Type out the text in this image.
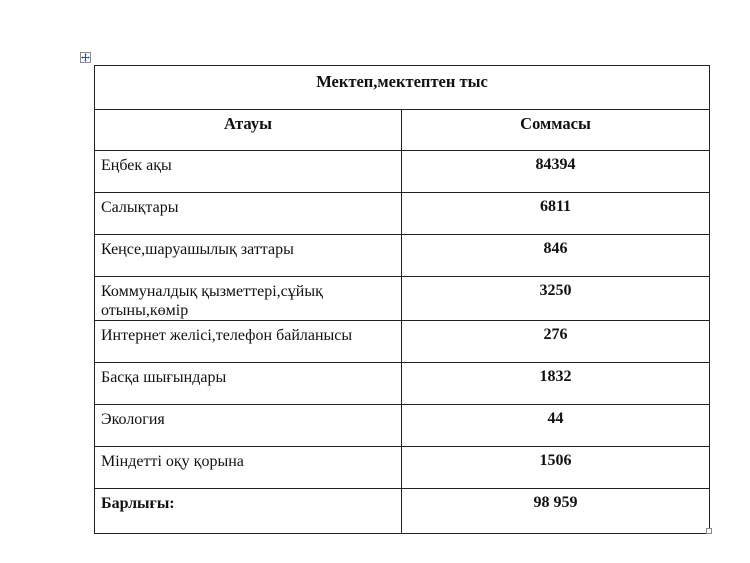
Мектеп,мектептен тыс	

Атауы	Соммасы

Еңбек ақы	84394

Салықтары	6811

Кеңсе,шаруашылық заттары	846

Коммуналдық қызметтері,сұйық отыны,көмір	3250

Интернет желісі,телефон байланысы	276

Басқа шығындары	1832

Экология	44

Міндетті оқу қорына	1506

Барлығы:	98 959
